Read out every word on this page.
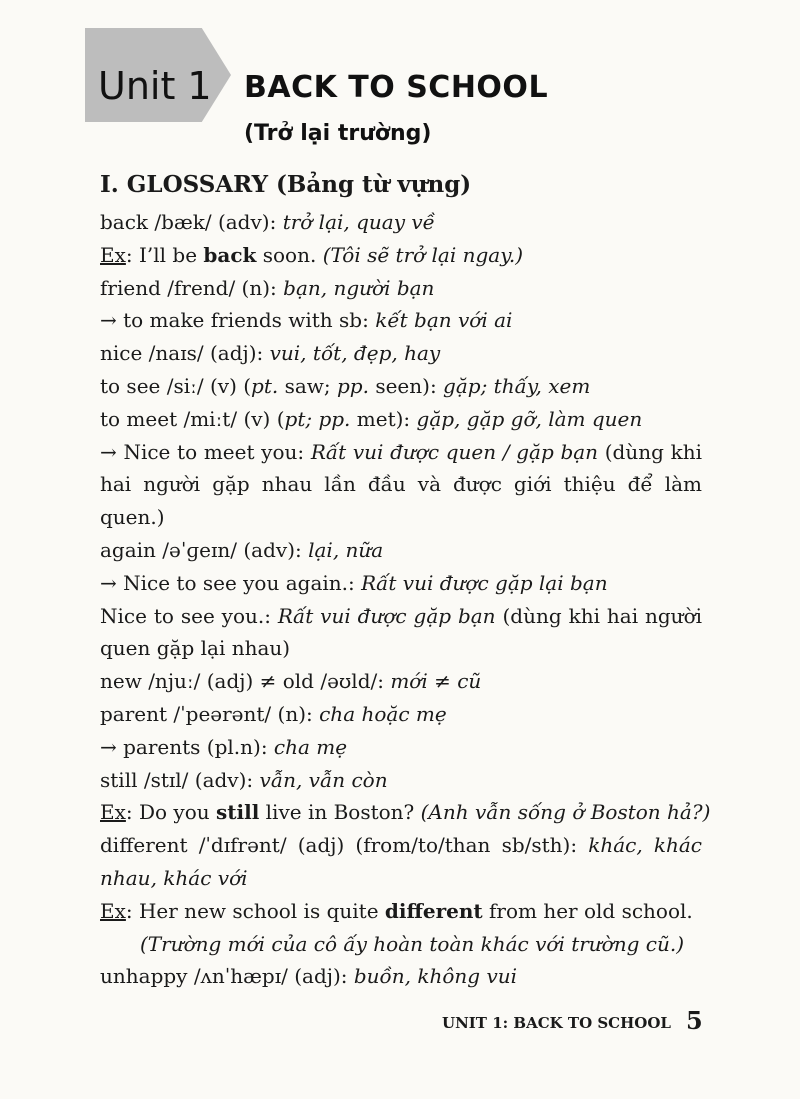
Unit 1 BACK TO SCHOOL
(Trở lại trường)
I. GLOSSARY (Bảng từ vựng)
back /bæk/ (adv): trở lại, quay về
Ex: I’ll be back soon. (Tôi sẽ trở lại ngay.)
friend /frend/ (n): bạn, người bạn
→ to make friends with sb: kết bạn với ai
nice /naɪs/ (adj): vui, tốt, đẹp, hay
to see /siː/ (v) (pt. saw; pp. seen): gặp; thấy, xem
to meet /miːt/ (v) (pt; pp. met): gặp, gặp gỡ, làm quen
→ Nice to meet you: Rất vui được quen / gặp bạn (dùng khi hai người gặp nhau lần đầu và được giới thiệu để làm quen.)
again /əˈɡeɪn/ (adv): lại, nữa
→ Nice to see you again.: Rất vui được gặp lại bạn
Nice to see you.: Rất vui được gặp bạn (dùng khi hai người quen gặp lại nhau)
new /njuː/ (adj) ≠ old /əʊld/: mới ≠ cũ
parent /ˈpeərənt/ (n): cha hoặc mẹ
→ parents (pl.n): cha mẹ
still /stɪl/ (adv): vẫn, vẫn còn
Ex: Do you still live in Boston? (Anh vẫn sống ở Boston hả?)
different /ˈdɪfrənt/ (adj) (from/to/than sb/sth): khác, khác nhau, khác với
Ex: Her new school is quite different from her old school.
(Trường mới của cô ấy hoàn toàn khác với trường cũ.)
unhappy /ʌnˈhæpɪ/ (adj): buồn, không vui
UNIT 1: BACK TO SCHOOL 5
